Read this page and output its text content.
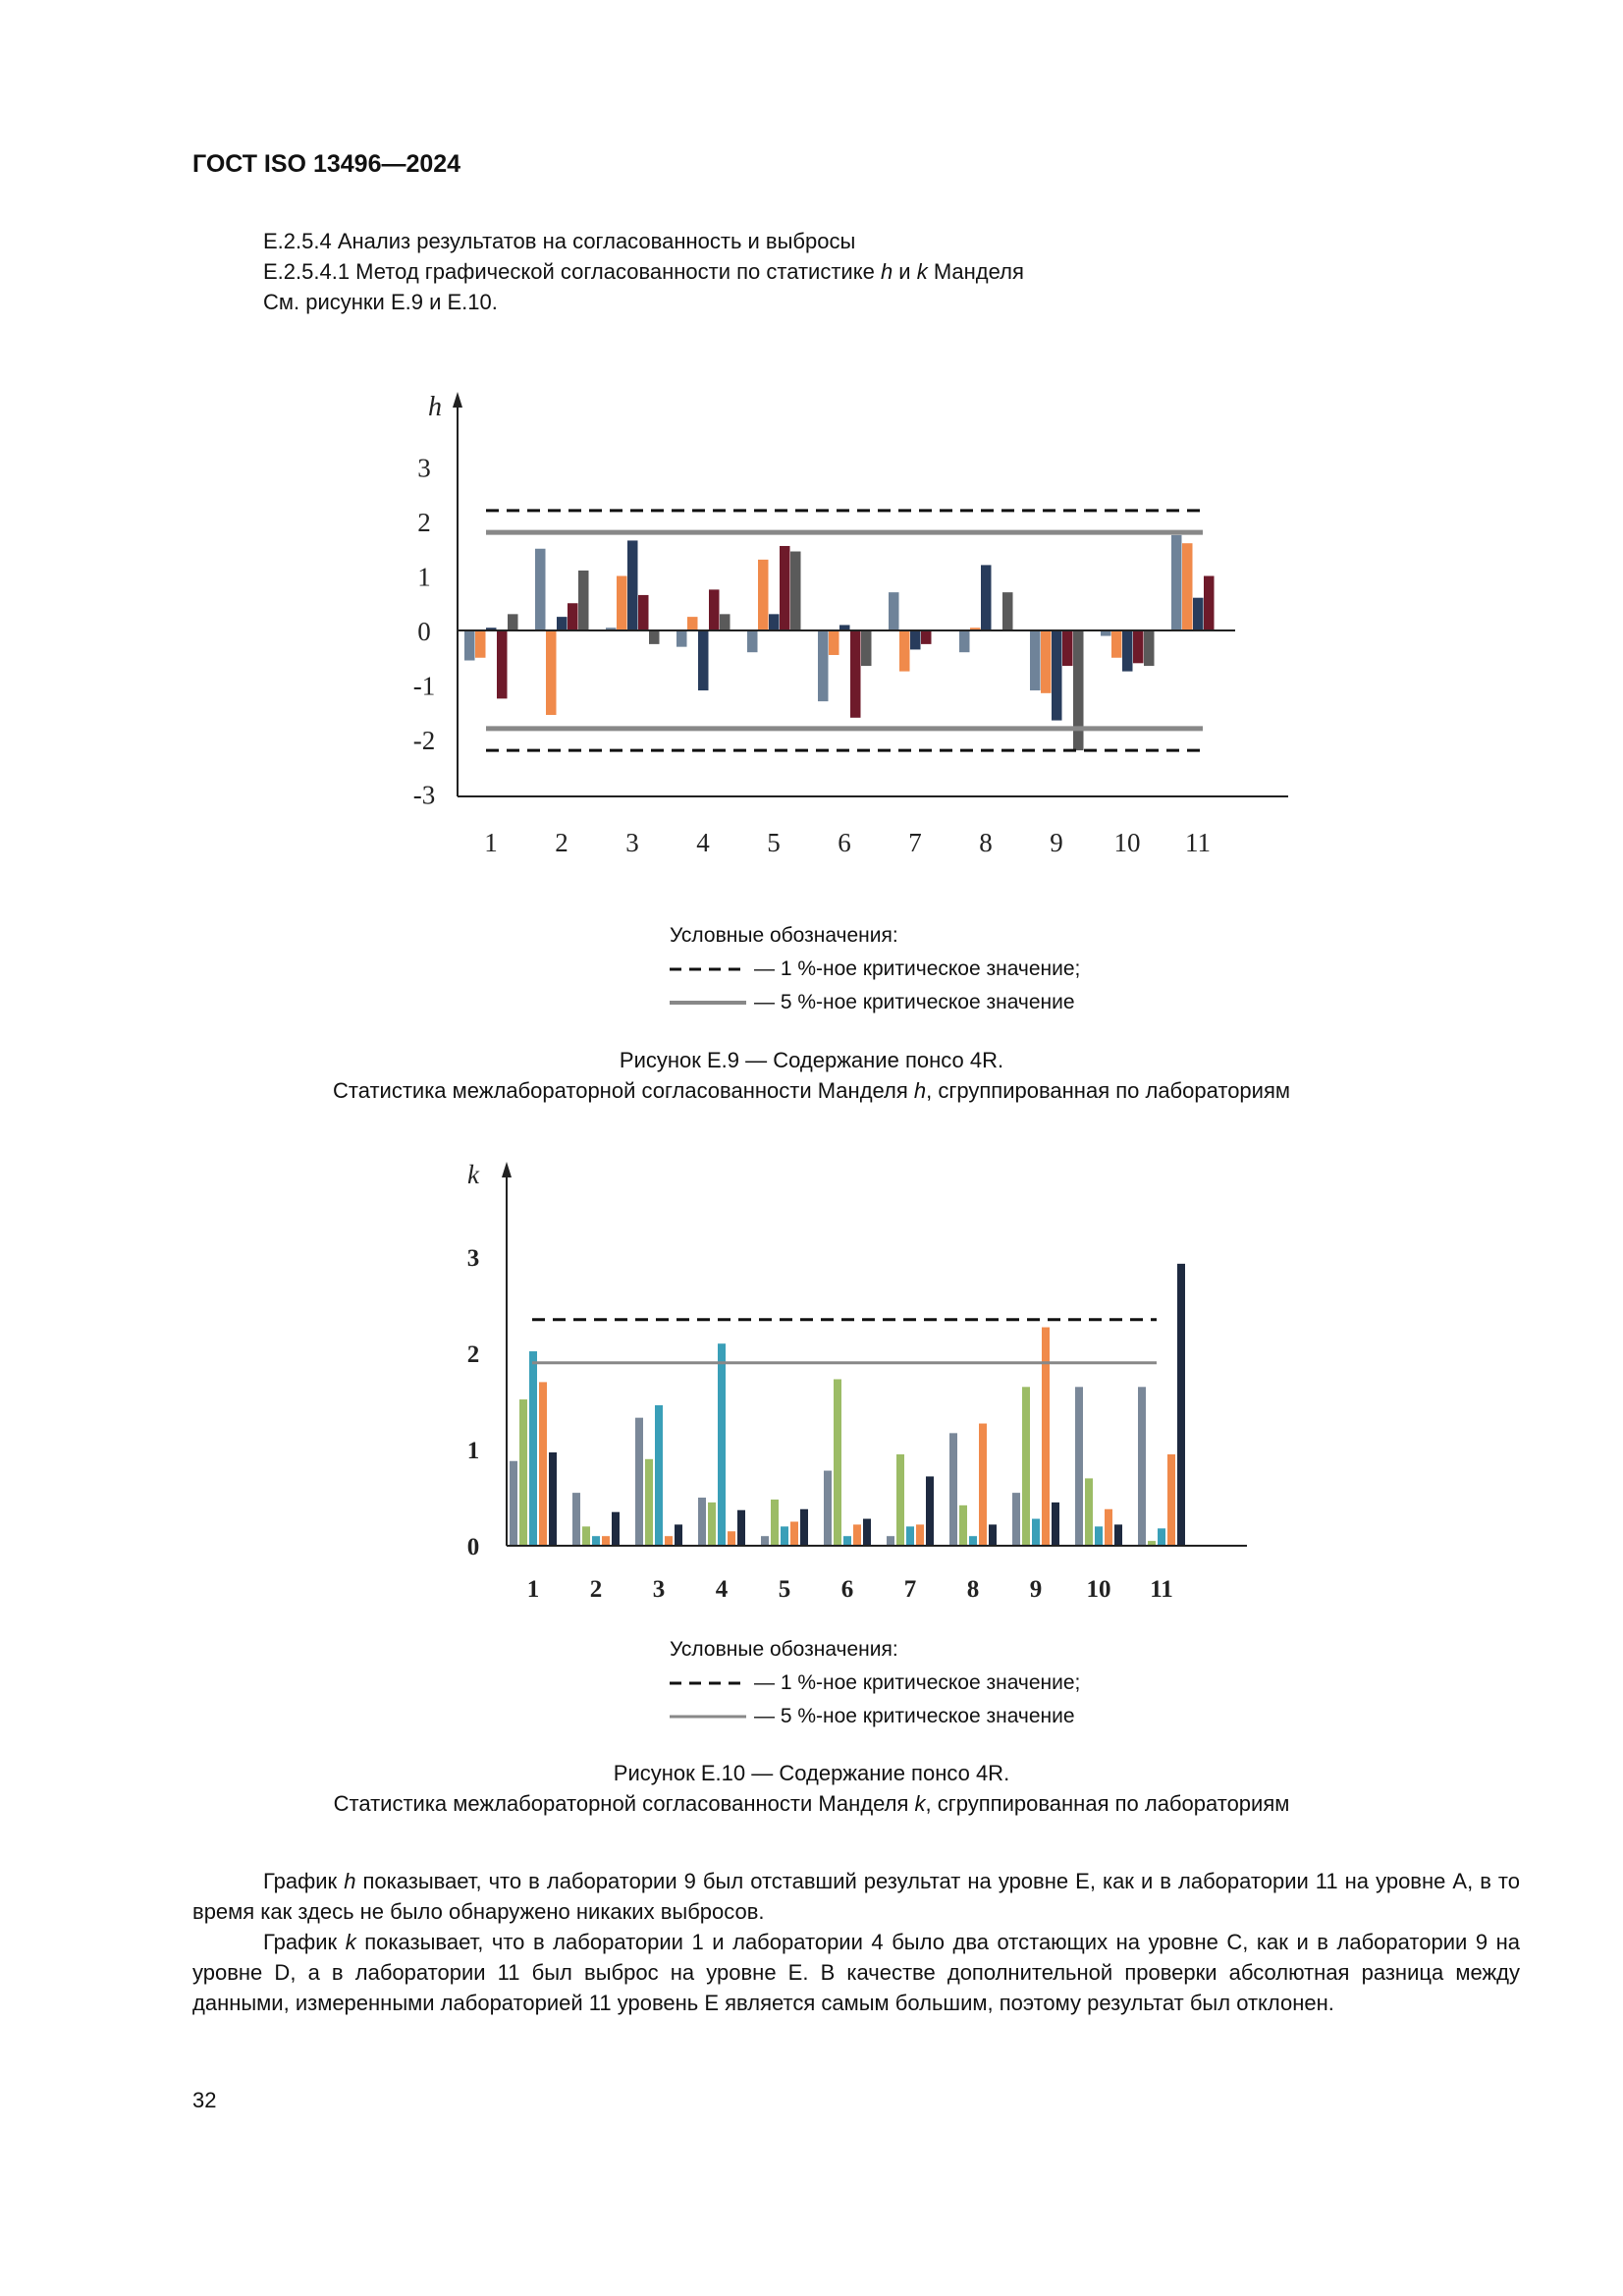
ГОСТ ISO 13496—2024
E.2.5.4 Анализ результатов на согласованность и выбросы
E.2.5.4.1 Метод графической согласованности по статистике h и k Манделя
См. рисунки E.9 и E.10.
h
3
2
1
0
-1
-2
-3
1 2 3 4 5 6 7 8 9 10 11
Условные обозначения:
— 1 %-ное критическое значение;
— 5 %-ное критическое значение
Рисунок E.9 — Содержание понсо 4R.
Статистика межлабораторной согласованности Манделя h, сгруппированная по лабораториям
k
3
2
1
0
1 2 3 4 5 6 7 8 9 10 11
Условные обозначения:
— 1 %-ное критическое значение;
— 5 %-ное критическое значение
Рисунок E.10 — Содержание понсо 4R.
Статистика межлабораторной согласованности Манделя k, сгруппированная по лабораториям
График h показывает, что в лаборатории 9 был отставший результат на уровне E, как и в лаборатории 11 на уровне A, в то время как здесь не было обнаружено никаких выбросов.
График k показывает, что в лаборатории 1 и лаборатории 4 было два отстающих на уровне C, как и в лаборатории 9 на уровне D, а в лаборатории 11 был выброс на уровне E. В качестве дополнительной проверки абсолютная разница между данными, измеренными лабораторией 11 уровень E является самым большим, поэтому результат был отклонен.
32
